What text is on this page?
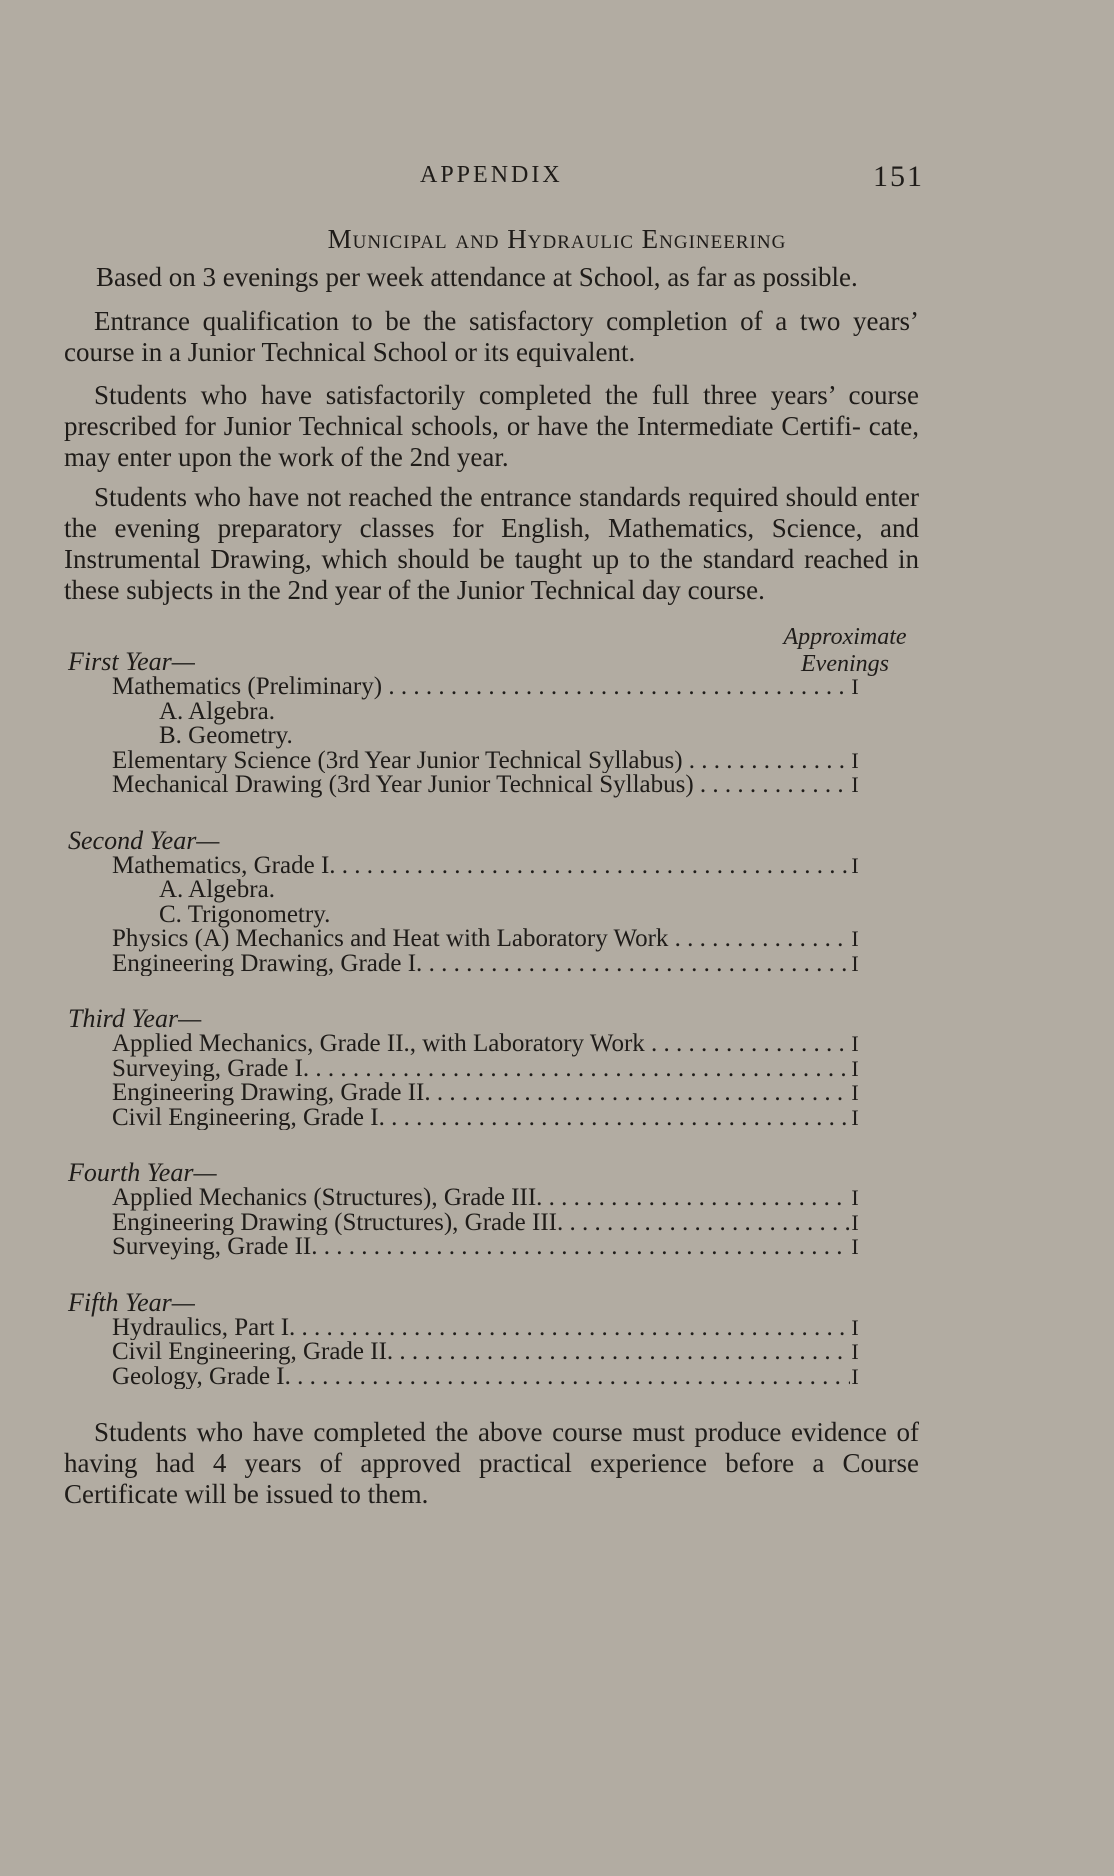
APPENDIX	151
Municipal and Hydraulic Engineering
Based on 3 evenings per week attendance at School, as far as possible.
Entrance qualification to be the satisfactory completion of a two years’ course in a Junior Technical School or its equivalent.
Students who have satisfactorily completed the full three years’ course prescribed for Junior Technical schools, or have the Intermediate Certifi- cate, may enter upon the work of the 2nd year.
Students who have not reached the entrance standards required should enter the evening preparatory classes for English, Mathematics, Science, and Instrumental Drawing, which should be taught up to the standard reached in these subjects in the 2nd year of the Junior Technical day course.
Approximate
Evenings
First Year—
Mathematics (Preliminary) . . .	I
A. Algebra.
B. Geometry.
Elementary Science (3rd Year Junior Technical Syllabus) . . .	I
Mechanical Drawing (3rd Year Junior Technical Syllabus) . . .	I
Second Year—
Mathematics, Grade I. . . .	I
A. Algebra.
C. Trigonometry.
Physics (A) Mechanics and Heat with Laboratory Work . . .	I
Engineering Drawing, Grade I. . . .	I
Third Year—
Applied Mechanics, Grade II., with Laboratory Work . . .	I
Surveying, Grade I. . . .	I
Engineering Drawing, Grade II. . . .	I
Civil Engineering, Grade I. . . .	I
Fourth Year—
Applied Mechanics (Structures), Grade III. . . .	I
Engineering Drawing (Structures), Grade III. . . .	I
Surveying, Grade II. . . .	I
Fifth Year—
Hydraulics, Part I. . . .	I
Civil Engineering, Grade II. . . .	I
Geology, Grade I. . . .	I
Students who have completed the above course must produce evidence of having had 4 years of approved practical experience before a Course Certificate will be issued to them.
